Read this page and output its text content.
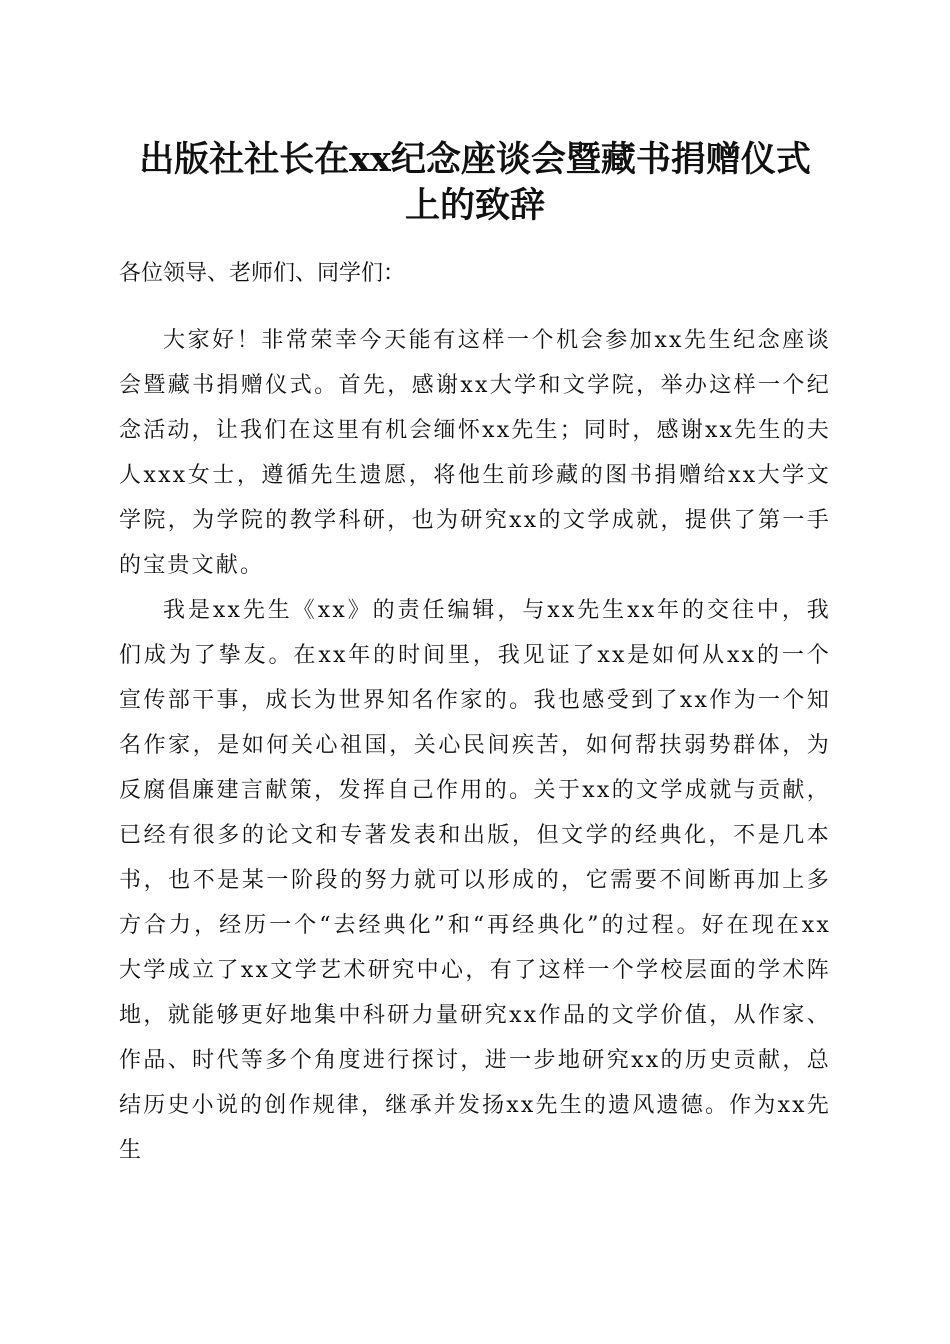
出版社社长在xx纪念座谈会暨藏书捐赠仪式
上的致辞

各位领导、老师们、同学们：

大家好！非常荣幸今天能有这样一个机会参加xx先生纪念座谈会暨藏书捐赠仪式。首先，感谢xx大学和文学院，举办这样一个纪念活动，让我们在这里有机会缅怀xx先生；同时，感谢xx先生的夫人xxx女士，遵循先生遗愿，将他生前珍藏的图书捐赠给xx大学文学院，为学院的教学科研，也为研究xx的文学成就，提供了第一手的宝贵文献。

我是xx先生《xx》的责任编辑，与xx先生xx年的交往中，我们成为了挚友。在xx年的时间里，我见证了xx是如何从xx的一个宣传部干事，成长为世界知名作家的。我也感受到了xx作为一个知名作家，是如何关心祖国，关心民间疾苦，如何帮扶弱势群体，为反腐倡廉建言献策，发挥自己作用的。关于xx的文学成就与贡献，已经有很多的论文和专著发表和出版，但文学的经典化，不是几本书，也不是某一阶段的努力就可以形成的，它需要不间断再加上多方合力，经历一个“去经典化”和“再经典化”的过程。好在现在xx大学成立了xx文学艺术研究中心，有了这样一个学校层面的学术阵地，就能够更好地集中科研力量研究xx作品的文学价值，从作家、作品、时代等多个角度进行探讨，进一步地研究xx的历史贡献，总结历史小说的创作规律，继承并发扬xx先生的遗风遗德。作为xx先生
